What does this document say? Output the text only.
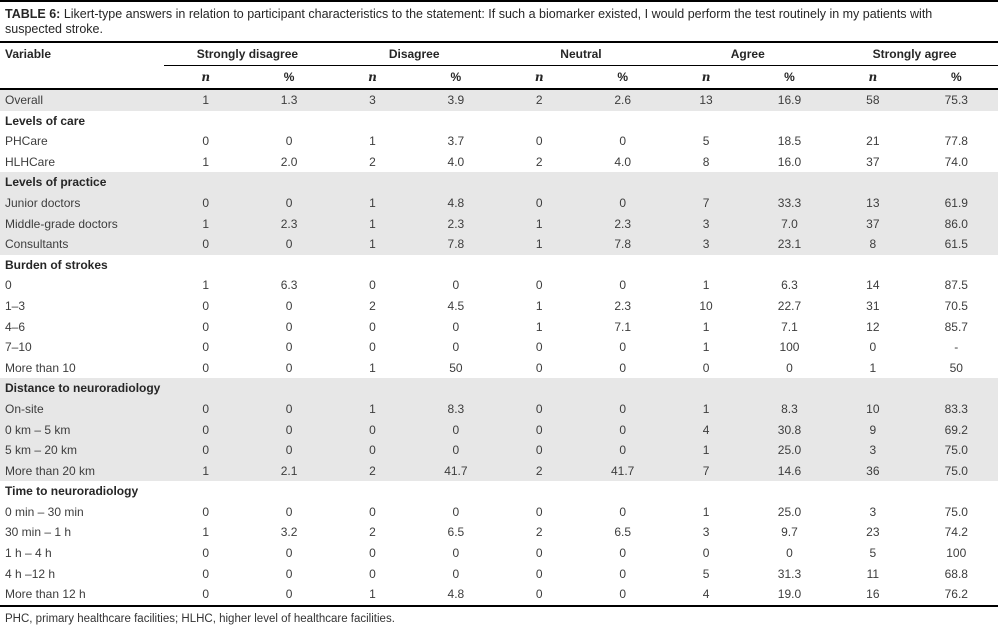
TABLE 6: Likert-type answers in relation to participant characteristics to the statement: If such a biomarker existed, I would perform the test routinely in my patients with suspected stroke.
Variable	Strongly disagree		Disagree		Neutral		Agree		Strongly agree	
	n	%	n	%	n	%	n	%	n	%
Overall	1	1.3	3	3.9	2	2.6	13	16.9	58	75.3
Levels of care										
PHCare	0	0	1	3.7	0	0	5	18.5	21	77.8
HLHCare	1	2.0	2	4.0	2	4.0	8	16.0	37	74.0
Levels of practice										
Junior doctors	0	0	1	4.8	0	0	7	33.3	13	61.9
Middle-grade doctors	1	2.3	1	2.3	1	2.3	3	7.0	37	86.0
Consultants	0	0	1	7.8	1	7.8	3	23.1	8	61.5
Burden of strokes										
0	1	6.3	0	0	0	0	1	6.3	14	87.5
1–3	0	0	2	4.5	1	2.3	10	22.7	31	70.5
4–6	0	0	0	0	1	7.1	1	7.1	12	85.7
7–10	0	0	0	0	0	0	1	100	0	-
More than 10	0	0	1	50	0	0	0	0	1	50
Distance to neuroradiology										
On-site	0	0	1	8.3	0	0	1	8.3	10	83.3
0 km – 5 km	0	0	0	0	0	0	4	30.8	9	69.2
5 km – 20 km	0	0	0	0	0	0	1	25.0	3	75.0
More than 20 km	1	2.1	2	41.7	2	41.7	7	14.6	36	75.0
Time to neuroradiology										
0 min – 30 min	0	0	0	0	0	0	1	25.0	3	75.0
30 min – 1 h	1	3.2	2	6.5	2	6.5	3	9.7	23	74.2
1 h – 4 h	0	0	0	0	0	0	0	0	5	100
4 h –12 h	0	0	0	0	0	0	5	31.3	11	68.8
More than 12 h	0	0	1	4.8	0	0	4	19.0	16	76.2
PHC, primary healthcare facilities; HLHC, higher level of healthcare facilities.
